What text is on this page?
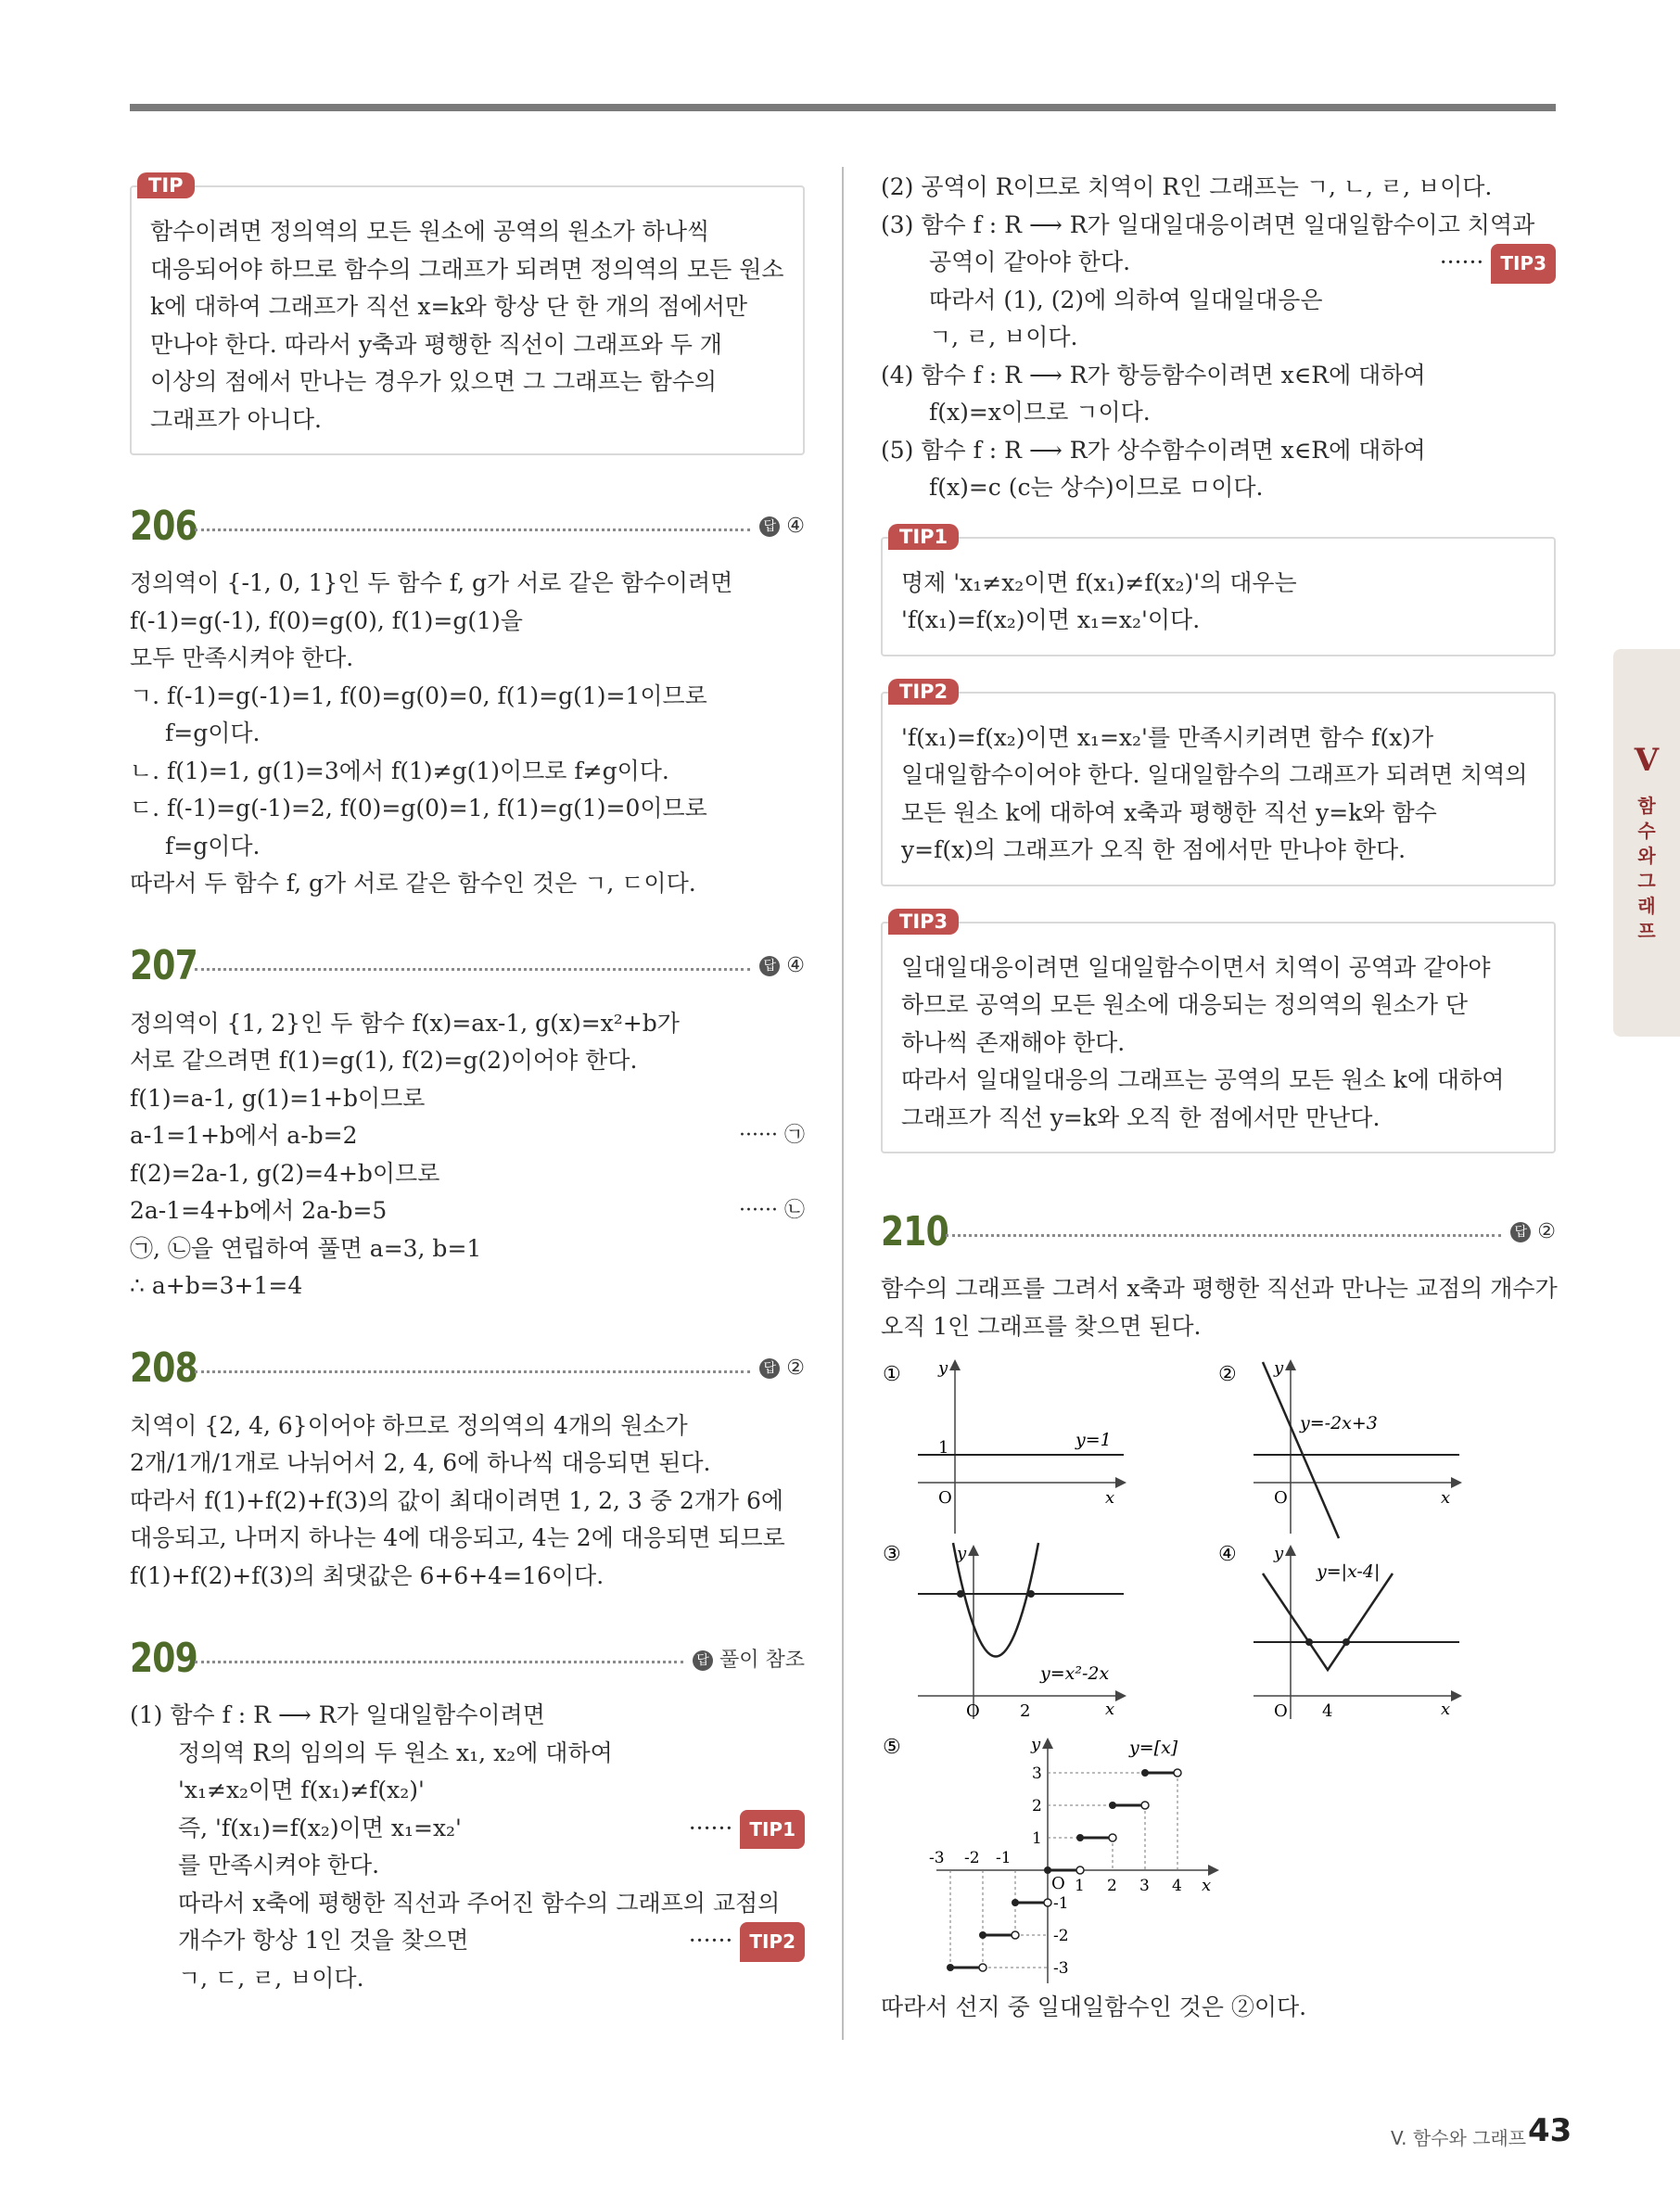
TIP

함수이려면 정의역의 모든 원소에 공역의 원소가 하나씩

대응되어야 하므로 함수의 그래프가 되려면 정의역의 모든 원소

k에 대하여 그래프가 직선 x=k와 항상 단 한 개의 점에서만

만나야 한다. 따라서 y축과 평행한 직선이 그래프와 두 개

이상의 점에서 만나는 경우가 있으면 그 그래프는 함수의

그래프가 아니다.

206	답 ④

정의역이 {-1, 0, 1}인 두 함수 f, g가 서로 같은 함수이려면

f(-1)=g(-1), f(0)=g(0), f(1)=g(1)을

모두 만족시켜야 한다.

ㄱ. f(-1)=g(-1)=1, f(0)=g(0)=0, f(1)=g(1)=1이므로

f=g이다.

ㄴ. f(1)=1, g(1)=3에서 f(1)≠g(1)이므로 f≠g이다.

ㄷ. f(-1)=g(-1)=2, f(0)=g(0)=1, f(1)=g(1)=0이므로

f=g이다.

따라서 두 함수 f, g가 서로 같은 함수인 것은 ㄱ, ㄷ이다.

207	답 ④

정의역이 {1, 2}인 두 함수 f(x)=ax-1, g(x)=x²+b가

서로 같으려면 f(1)=g(1), f(2)=g(2)이어야 한다.

f(1)=a-1, g(1)=1+b이므로

a-1=1+b에서 a-b=2	······ ㉠

f(2)=2a-1, g(2)=4+b이므로

2a-1=4+b에서 2a-b=5	······ ㉡

㉠, ㉡을 연립하여 풀면 a=3, b=1

∴ a+b=3+1=4

208	답 ②

치역이 {2, 4, 6}이어야 하므로 정의역의 4개의 원소가

2개/1개/1개로 나뉘어서 2, 4, 6에 하나씩 대응되면 된다.

따라서 f(1)+f(2)+f(3)의 값이 최대이려면 1, 2, 3 중 2개가 6에

대응되고, 나머지 하나는 4에 대응되고, 4는 2에 대응되면 되므로

f(1)+f(2)+f(3)의 최댓값은 6+6+4=16이다.

209	답 풀이 참조

(1) 함수 f : R ⟶ R가 일대일함수이려면

정의역 R의 임의의 두 원소 x₁, x₂에 대하여

'x₁≠x₂이면 f(x₁)≠f(x₂)'

즉, 'f(x₁)=f(x₂)이면 x₁=x₂'	······ TIP1

를 만족시켜야 한다.

따라서 x축에 평행한 직선과 주어진 함수의 그래프의 교점의

개수가 항상 1인 것을 찾으면	······ TIP2

ㄱ, ㄷ, ㄹ, ㅂ이다.

(2) 공역이 R이므로 치역이 R인 그래프는 ㄱ, ㄴ, ㄹ, ㅂ이다.

(3) 함수 f : R ⟶ R가 일대일대응이려면 일대일함수이고 치역과

공역이 같아야 한다.	······ TIP3

따라서 (1), (2)에 의하여 일대일대응은

ㄱ, ㄹ, ㅂ이다.

(4) 함수 f : R ⟶ R가 항등함수이려면 x∈R에 대하여

f(x)=x이므로 ㄱ이다.

(5) 함수 f : R ⟶ R가 상수함수이려면 x∈R에 대하여

f(x)=c (c는 상수)이므로 ㅁ이다.

TIP1

명제 'x₁≠x₂이면 f(x₁)≠f(x₂)'의 대우는

'f(x₁)=f(x₂)이면 x₁=x₂'이다.

TIP2

'f(x₁)=f(x₂)이면 x₁=x₂'를 만족시키려면 함수 f(x)가

일대일함수이어야 한다. 일대일함수의 그래프가 되려면 치역의

모든 원소 k에 대하여 x축과 평행한 직선 y=k와 함수

y=f(x)의 그래프가 오직 한 점에서만 만나야 한다.

TIP3

일대일대응이려면 일대일함수이면서 치역이 공역과 같아야

하므로 공역의 모든 원소에 대응되는 정의역의 원소가 단

하나씩 존재해야 한다.

따라서 일대일대응의 그래프는 공역의 모든 원소 k에 대하여

그래프가 직선 y=k와 오직 한 점에서만 만난다.

210	답 ②

함수의 그래프를 그려서 x축과 평행한 직선과 만나는 교점의 개수가

오직 1인 그래프를 찾으면 된다.

①
1	y=1
O	x
y	②
y=-2x+3
O	x
y
③
y=x²-2x
O 2	x
y	④
y=|x-4|
O 4	x
y
⑤	y=[x]
y
x
O
-3 -2 -1
1 2 3 4
3
2
1
-1
-2
-3

따라서 선지 중 일대일함수인 것은 ②이다.

V
함
수
와
그
래
프
V. 함수와 그래프 43
